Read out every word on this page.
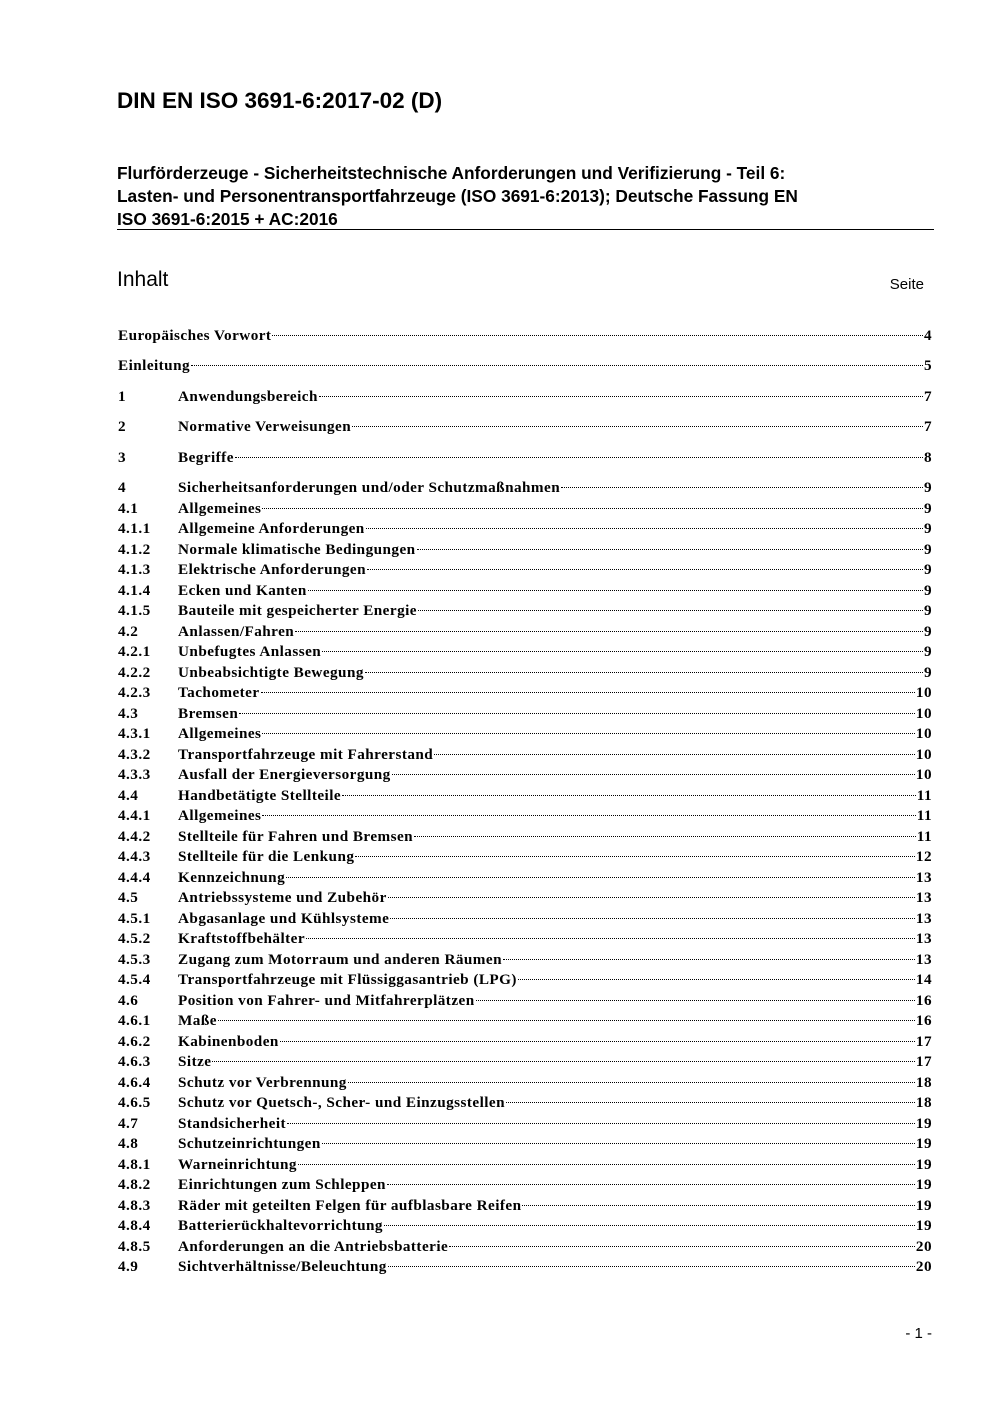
DIN EN ISO 3691-6:2017-02 (D)
Flurförderzeuge - Sicherheitstechnische Anforderungen und Verifizierung - Teil 6:
Lasten- und Personentransportfahrzeuge (ISO 3691-6:2013); Deutsche Fassung EN
ISO 3691-6:2015 + AC:2016
Inhalt	Seite
Europäisches Vorwort	4
Einleitung	5
1	Anwendungsbereich	7
2	Normative Verweisungen	7
3	Begriffe	8
4	Sicherheitsanforderungen und/oder Schutzmaßnahmen	9
4.1	Allgemeines	9
4.1.1	Allgemeine Anforderungen	9
4.1.2	Normale klimatische Bedingungen	9
4.1.3	Elektrische Anforderungen	9
4.1.4	Ecken und Kanten	9
4.1.5	Bauteile mit gespeicherter Energie	9
4.2	Anlassen/Fahren	9
4.2.1	Unbefugtes Anlassen	9
4.2.2	Unbeabsichtigte Bewegung	9
4.2.3	Tachometer	10
4.3	Bremsen	10
4.3.1	Allgemeines	10
4.3.2	Transportfahrzeuge mit Fahrerstand	10
4.3.3	Ausfall der Energieversorgung	10
4.4	Handbetätigte Stellteile	11
4.4.1	Allgemeines	11
4.4.2	Stellteile für Fahren und Bremsen	11
4.4.3	Stellteile für die Lenkung	12
4.4.4	Kennzeichnung	13
4.5	Antriebssysteme und Zubehör	13
4.5.1	Abgasanlage und Kühlsysteme	13
4.5.2	Kraftstoffbehälter	13
4.5.3	Zugang zum Motorraum und anderen Räumen	13
4.5.4	Transportfahrzeuge mit Flüssiggasantrieb (LPG)	14
4.6	Position von Fahrer- und Mitfahrerplätzen	16
4.6.1	Maße	16
4.6.2	Kabinenboden	17
4.6.3	Sitze	17
4.6.4	Schutz vor Verbrennung	18
4.6.5	Schutz vor Quetsch-, Scher- und Einzugsstellen	18
4.7	Standsicherheit	19
4.8	Schutzeinrichtungen	19
4.8.1	Warneinrichtung	19
4.8.2	Einrichtungen zum Schleppen	19
4.8.3	Räder mit geteilten Felgen für aufblasbare Reifen	19
4.8.4	Batterierückhaltevorrichtung	19
4.8.5	Anforderungen an die Antriebsbatterie	20
4.9	Sichtverhältnisse/Beleuchtung	20
- 1 -
